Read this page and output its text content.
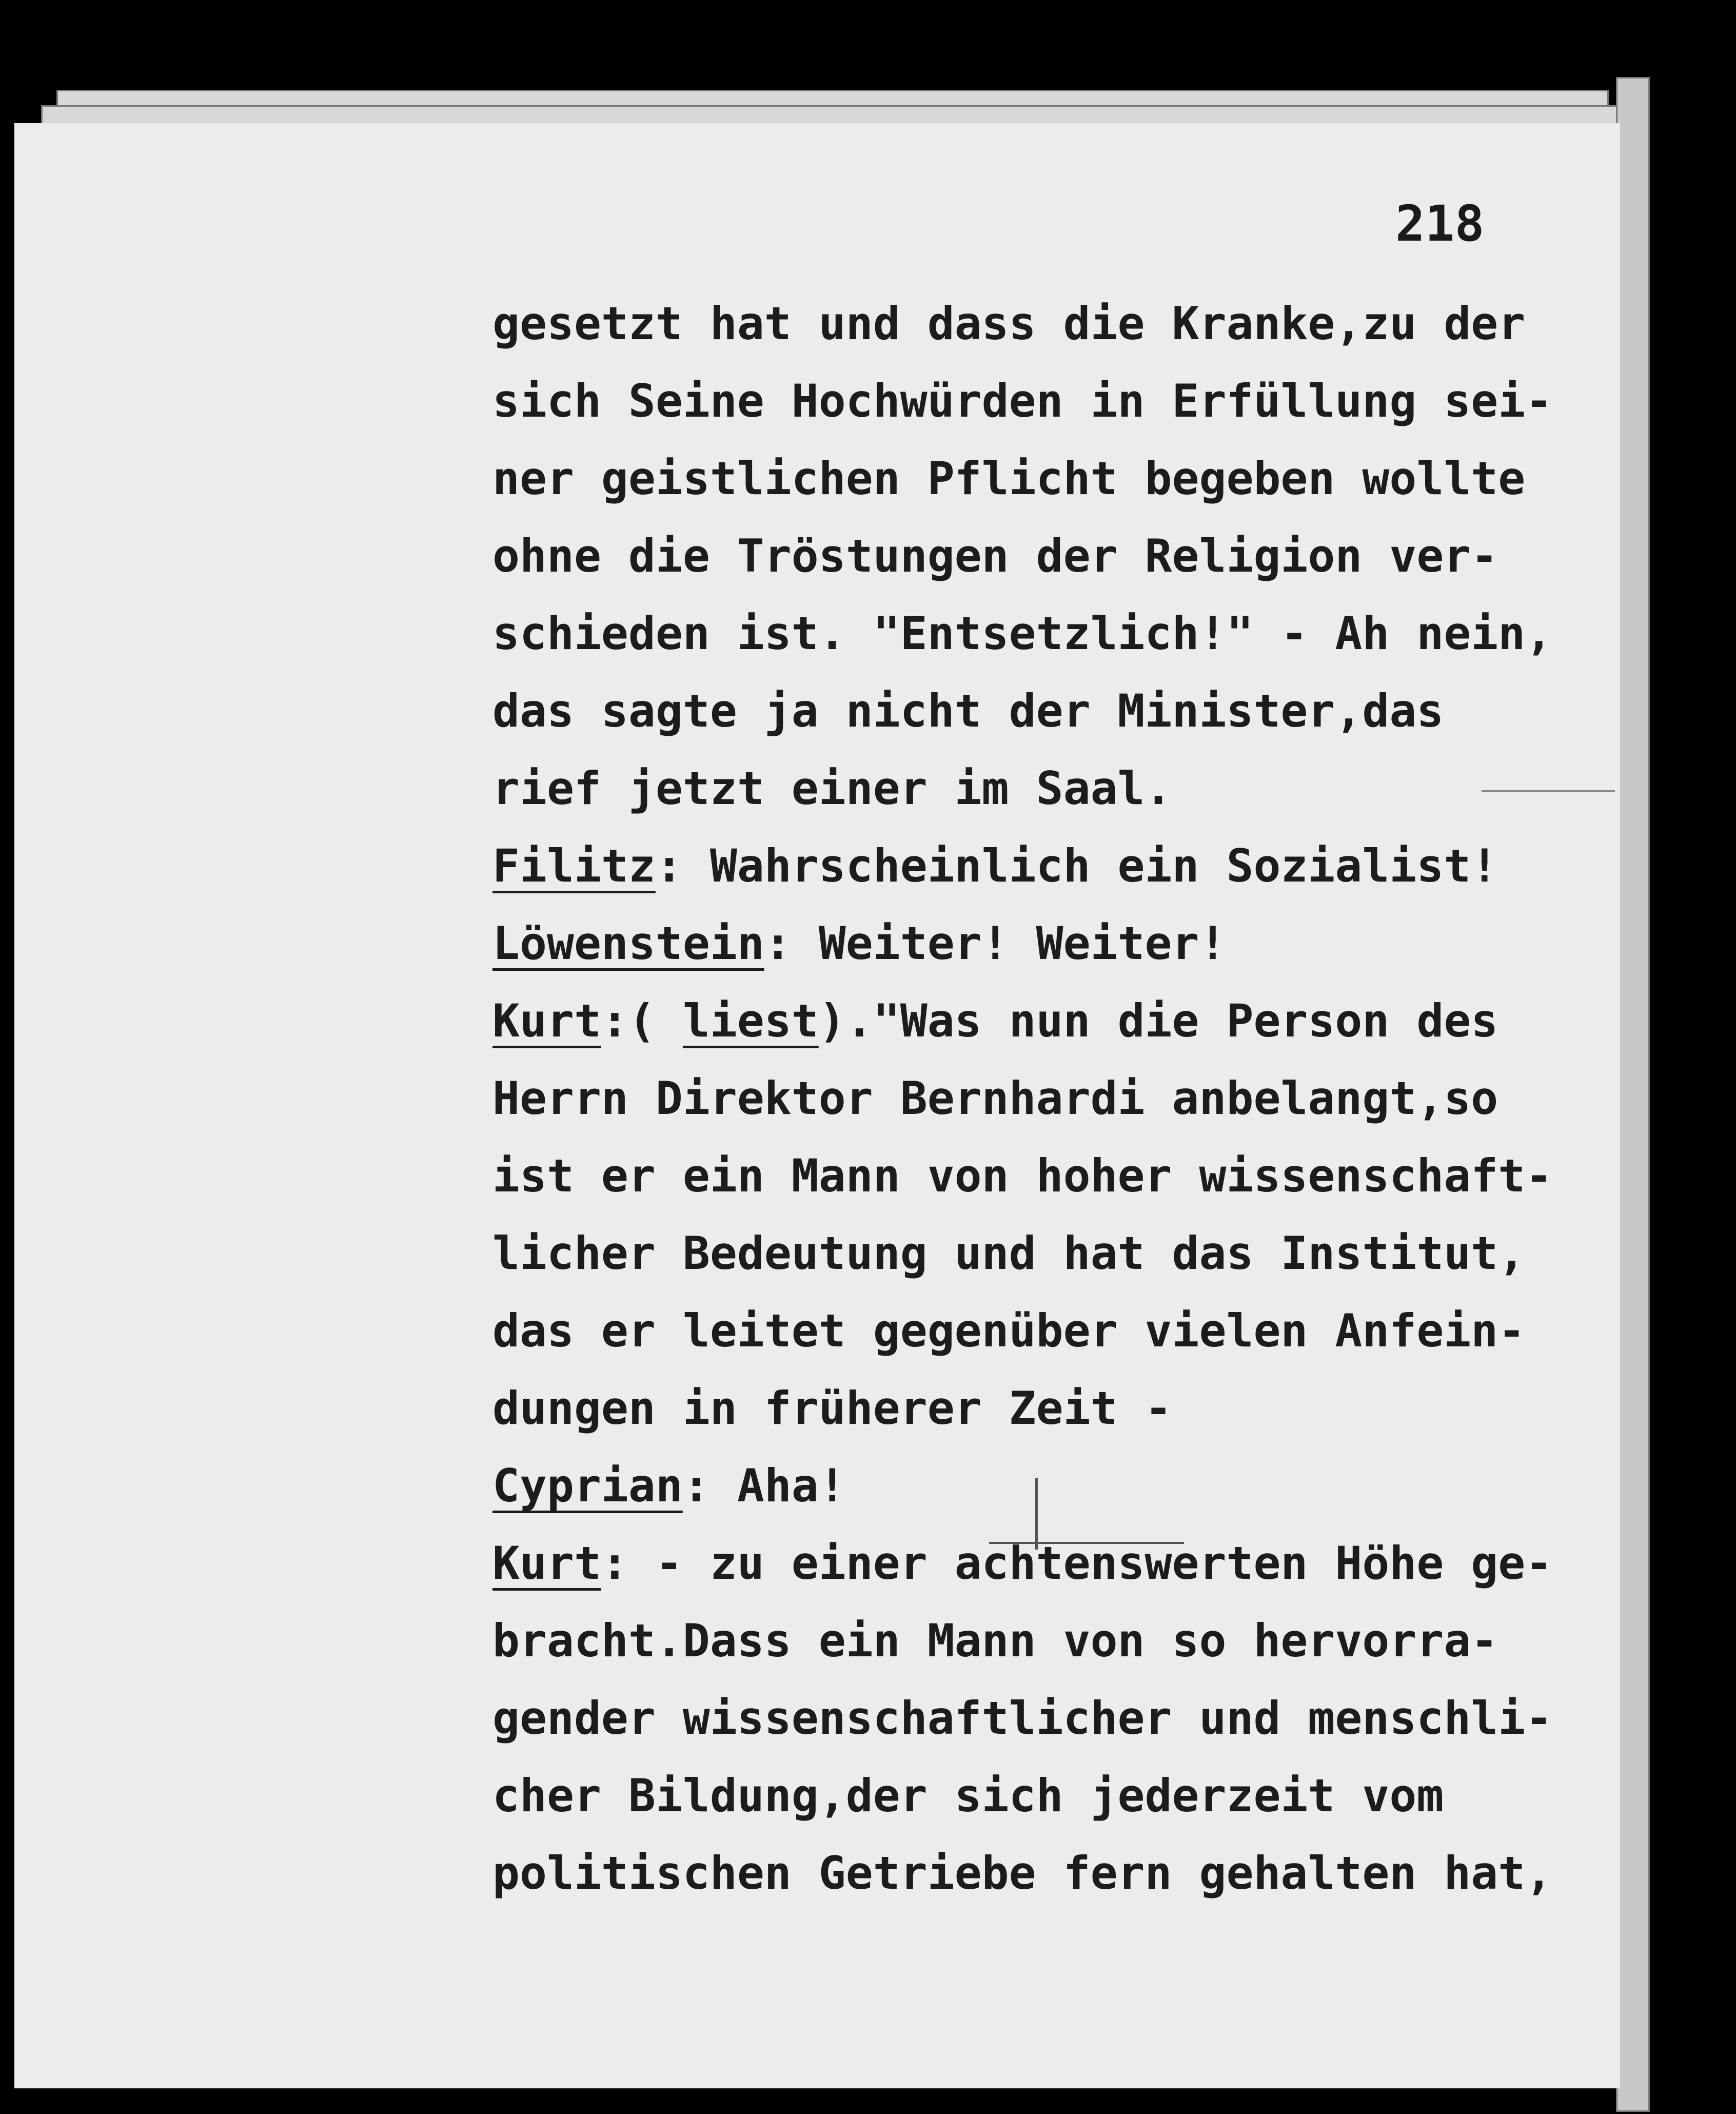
218
gesetzt hat und dass die Kranke,zu der
sich Seine Hochwürden in Erfüllung sei-
ner geistlichen Pflicht begeben wollte
ohne die Tröstungen der Religion ver-
schieden ist. "Entsetzlich!" - Ah nein,
das sagte ja nicht der Minister,das
rief jetzt einer im Saal.
Filitz: Wahrscheinlich ein Sozialist!
Löwenstein: Weiter! Weiter!
Kurt:( liest)."Was nun die Person des
Herrn Direktor Bernhardi anbelangt,so
ist er ein Mann von hoher wissenschaft-
licher Bedeutung und hat das Institut,
das er leitet gegenüber vielen Anfein-
dungen in früherer Zeit -
Cyprian: Aha!
Kurt: - zu einer achtenswerten Höhe ge-
bracht.Dass ein Mann von so hervorra-
gender wissenschaftlicher und menschli-
cher Bildung,der sich jederzeit vom
politischen Getriebe fern gehalten hat,
